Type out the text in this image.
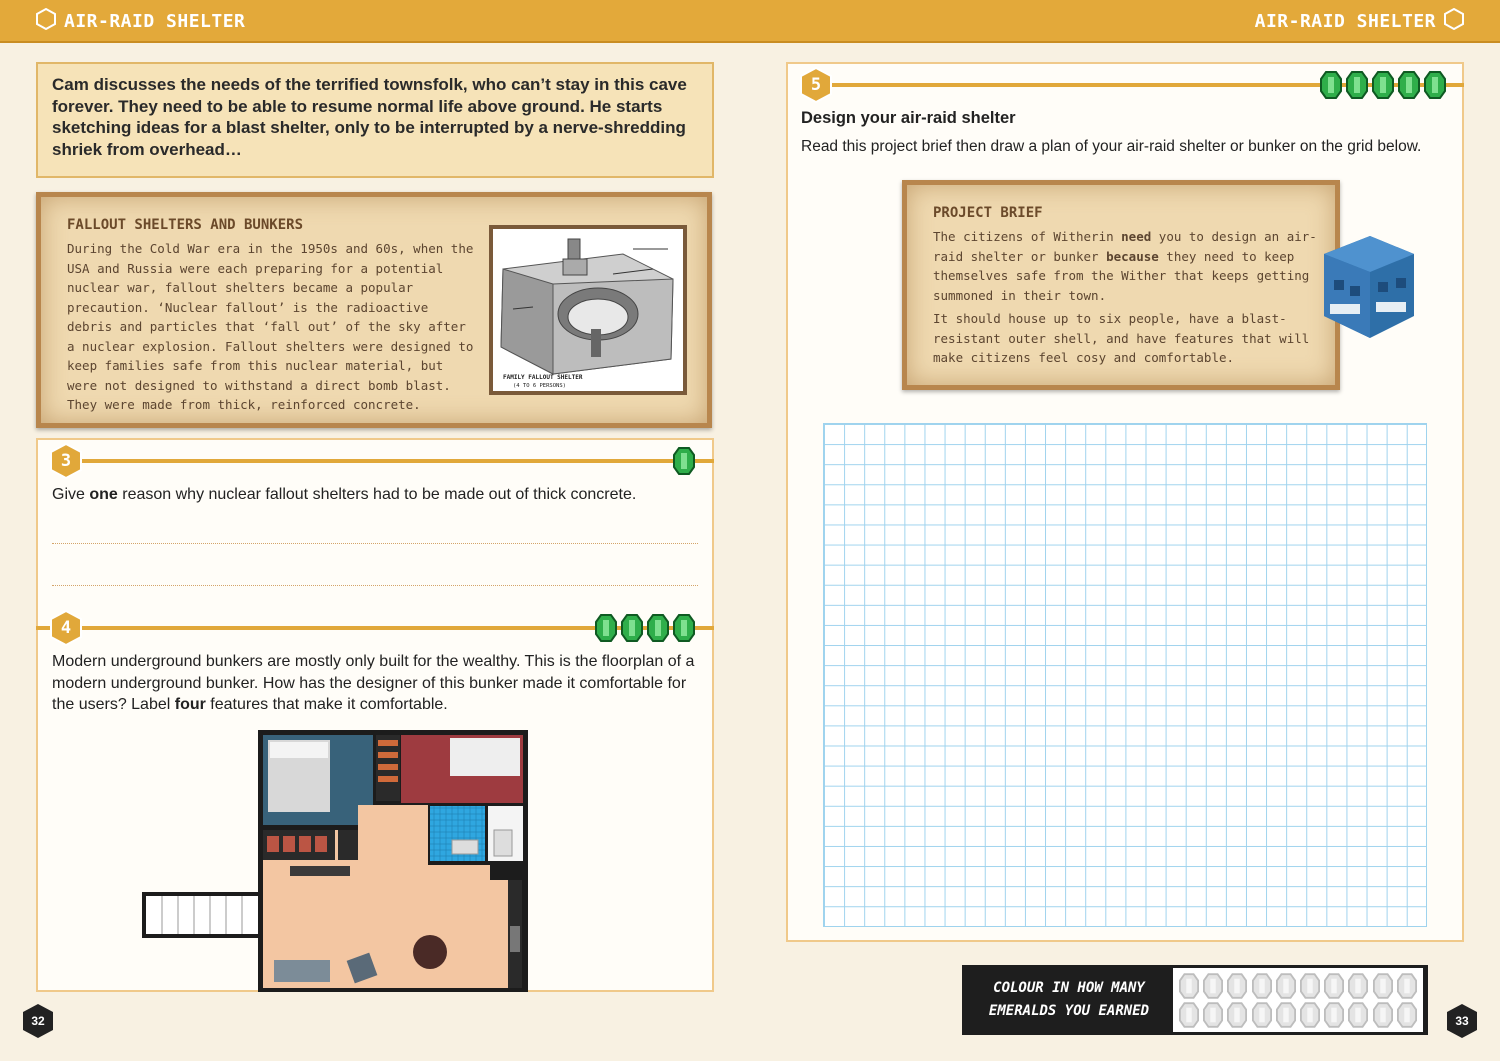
AIR-RAID SHELTER	AIR-RAID SHELTER

Cam discusses the needs of the terrified townsfolk, who can’t stay in this cave forever. They need to be able to resume normal life above ground. He starts sketching ideas for a blast shelter, only to be interrupted by a nerve-shredding shriek from overhead…

FALLOUT SHELTERS AND BUNKERS

During the Cold War era in the 1950s and 60s, when the USA and Russia were each preparing for a potential nuclear war, fallout shelters became a popular precaution. ‘Nuclear fallout’ is the radioactive debris and particles that ‘fall out’ of the sky after a nuclear explosion. Fallout shelters were designed to keep families safe from this nuclear material, but were not designed to withstand a direct bomb blast. They were made from thick, reinforced concrete.

FAMILY FALLOUT SHELTER
(4 TO 6 PERSONS)
3
Give one reason why nuclear fallout shelters had to be made out of thick concrete.
4
Modern underground bunkers are mostly only built for the wealthy. This is the floorplan of a modern underground bunker. How has the designer of this bunker made it comfortable for the users? Label four features that make it comfortable.
5
Design your air-raid shelter
Read this project brief then draw a plan of your air-raid shelter or bunker on the grid below.
PROJECT BRIEF

The citizens of Witherin need you to design an air-raid shelter or bunker because they need to keep themselves safe from the Wither that keeps getting summoned in their town.

It should house up to six people, have a blast-resistant outer shell, and have features that will make citizens feel cosy and comfortable.

COLOUR IN HOW MANY
EMERALDS YOU EARNED
32	33
